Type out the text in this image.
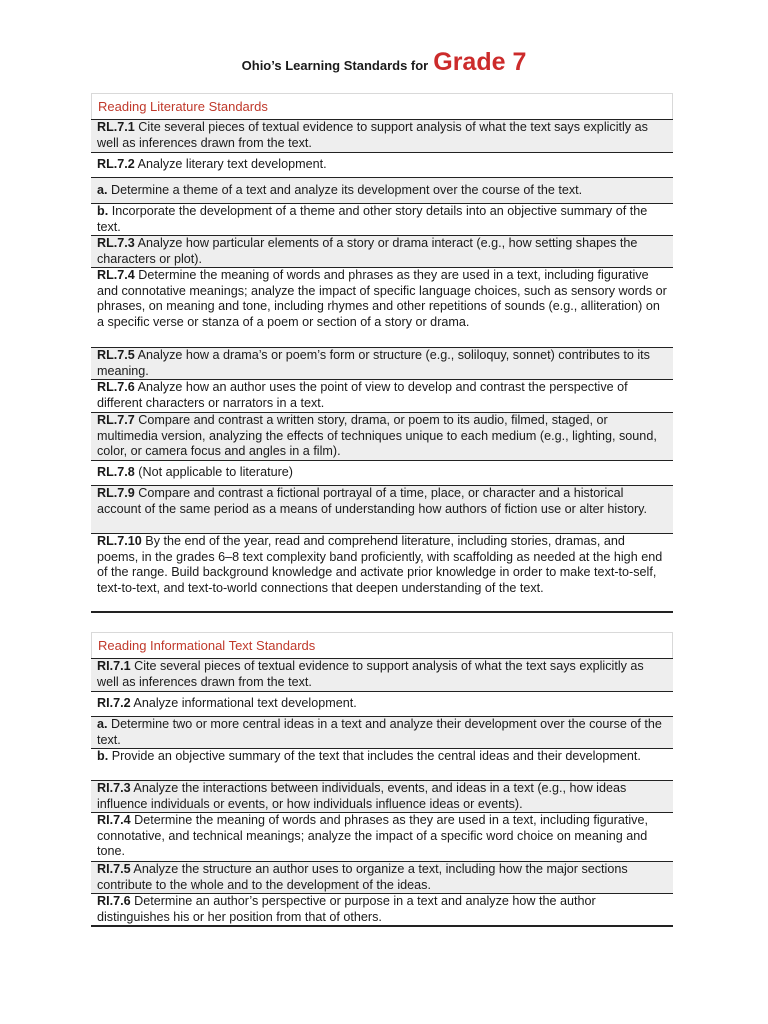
Ohio’s Learning Standards for Grade 7
Reading Literature Standards
RL.7.1 Cite several pieces of textual evidence to support analysis of what the text says explicitly as well as inferences drawn from the text.
RL.7.2 Analyze literary text development.
a. Determine a theme of a text and analyze its development over the course of the text.
b. Incorporate the development of a theme and other story details into an objective summary of the text.
RL.7.3 Analyze how particular elements of a story or drama interact (e.g., how setting shapes the characters or plot).
RL.7.4 Determine the meaning of words and phrases as they are used in a text, including figurative and connotative meanings; analyze the impact of specific language choices, such as sensory words or phrases, on meaning and tone, including rhymes and other repetitions of sounds (e.g., alliteration) on a specific verse or stanza of a poem or section of a story or drama.
RL.7.5 Analyze how a drama’s or poem’s form or structure (e.g., soliloquy, sonnet) contributes to its meaning.
RL.7.6 Analyze how an author uses the point of view to develop and contrast the perspective of different characters or narrators in a text.
RL.7.7 Compare and contrast a written story, drama, or poem to its audio, filmed, staged, or multimedia version, analyzing the effects of techniques unique to each medium (e.g., lighting, sound, color, or camera focus and angles in a film).
RL.7.8 (Not applicable to literature)
RL.7.9 Compare and contrast a fictional portrayal of a time, place, or character and a historical account of the same period as a means of understanding how authors of fiction use or alter history.
RL.7.10 By the end of the year, read and comprehend literature, including stories, dramas, and poems, in the grades 6–8 text complexity band proficiently, with scaffolding as needed at the high end of the range. Build background knowledge and activate prior knowledge in order to make text-to-self, text-to-text, and text-to-world connections that deepen understanding of the text.
Reading Informational Text Standards
RI.7.1 Cite several pieces of textual evidence to support analysis of what the text says explicitly as well as inferences drawn from the text.
RI.7.2 Analyze informational text development.
a. Determine two or more central ideas in a text and analyze their development over the course of the text.
b. Provide an objective summary of the text that includes the central ideas and their development.
RI.7.3 Analyze the interactions between individuals, events, and ideas in a text (e.g., how ideas influence individuals or events, or how individuals influence ideas or events).
RI.7.4 Determine the meaning of words and phrases as they are used in a text, including figurative, connotative, and technical meanings; analyze the impact of a specific word choice on meaning and tone.
RI.7.5 Analyze the structure an author uses to organize a text, including how the major sections contribute to the whole and to the development of the ideas.
RI.7.6 Determine an author’s perspective or purpose in a text and analyze how the author distinguishes his or her position from that of others.
